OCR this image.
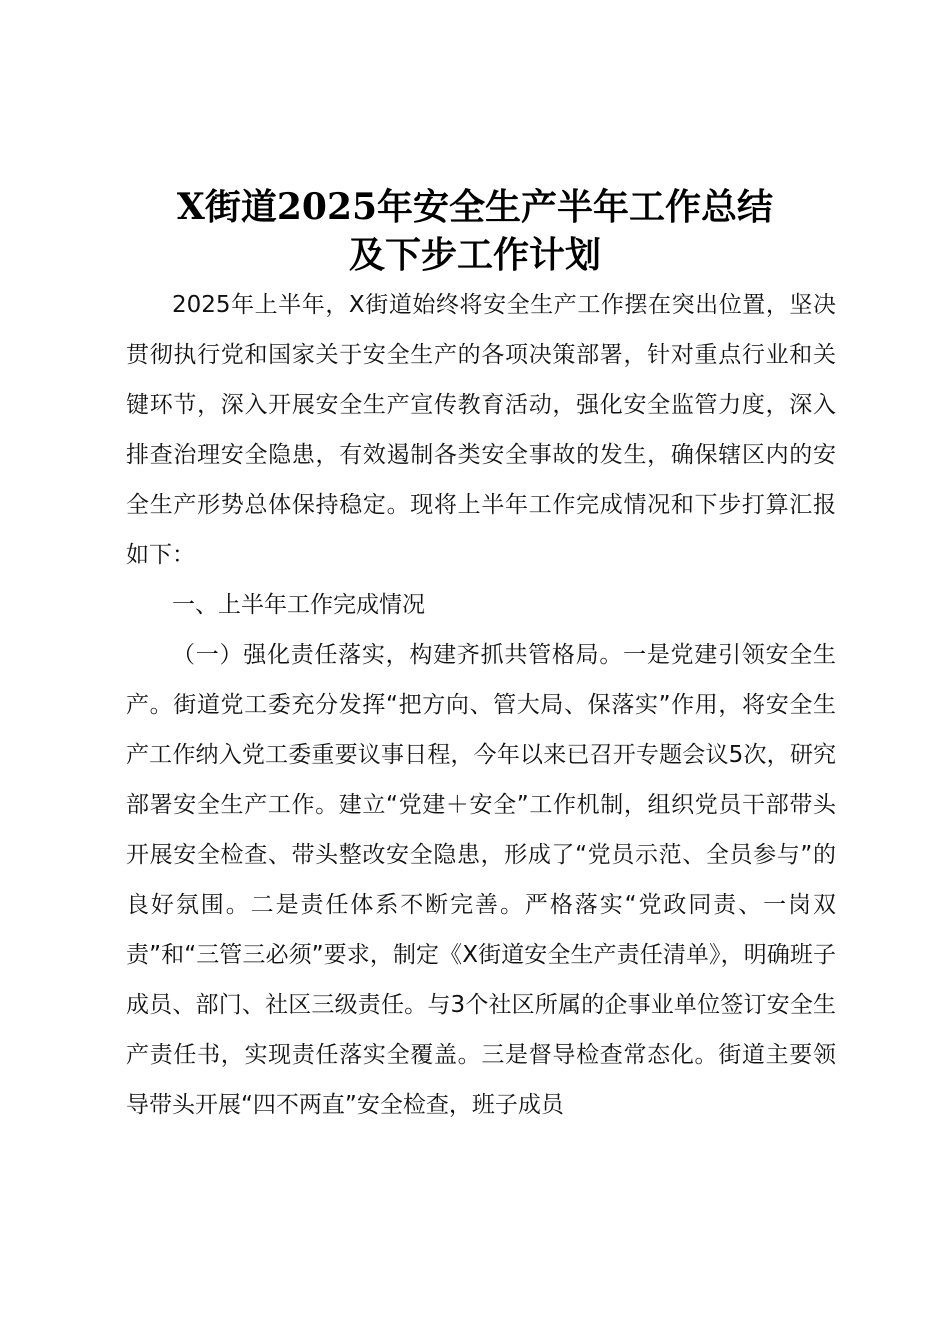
X街道2025年安全生产半年工作总结
及下步工作计划

2025年上半年，X街道始终将安全生产工作摆在突出位置，坚决贯彻执行党和国家关于安全生产的各项决策部署，针对重点行业和关键环节，深入开展安全生产宣传教育活动，强化安全监管力度，深入排查治理安全隐患，有效遏制各类安全事故的发生，确保辖区内的安全生产形势总体保持稳定。现将上半年工作完成情况和下步打算汇报如下：

一、上半年工作完成情况

（一）强化责任落实，构建齐抓共管格局。一是党建引领安全生产。街道党工委充分发挥“把方向、管大局、保落实”作用，将安全生产工作纳入党工委重要议事日程，今年以来已召开专题会议5次，研究部署安全生产工作。建立“党建＋安全”工作机制，组织党员干部带头开展安全检查、带头整改安全隐患，形成了“党员示范、全员参与”的良好氛围。二是责任体系不断完善。严格落实“党政同责、一岗双责”和“三管三必须”要求，制定《X街道安全生产责任清单》，明确班子成员、部门、社区三级责任。与3个社区所属的企事业单位签订安全生产责任书，实现责任落实全覆盖。三是督导检查常态化。街道主要领导带头开展“四不两直”安全检查，班子成员
